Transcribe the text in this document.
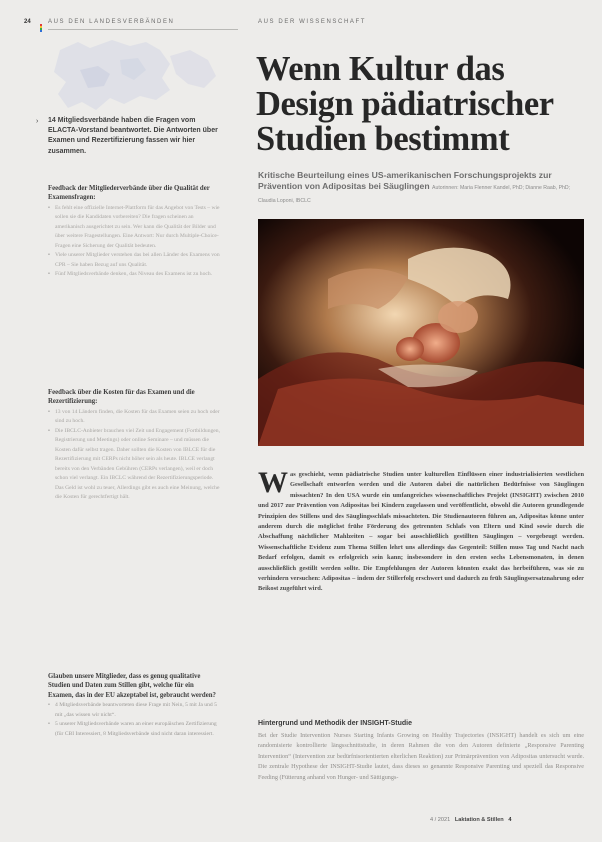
24	AUS DEN LANDESVERBÄNDEN	AUS DER WISSENSCHAFT
› 14 Mitgliedsverbände haben die Fragen vom ELACTA-Vorstand beantwortet. Die Antworten über Examen und Rezertifizierung fassen wir hier zusammen.
Feedback der Mitgliederverbände über die Qualität der Examensfragen:
• Es fehlt eine offizielle Internet-Plattform für das Angebot von Tests – wie sollen sie die Kandidaten vorbereiten? Die fragen scheinen an amerikanisch ausgerichtet zu sein. Wer kann die Qualität der Bilder und über weitere Fragestellungen. Eine Antwort: Nur durch Multiple-Choice-Fragen eine Sicherung der Qualität bedeuten.
• Viele unserer Mitglieder verstehen das bei allen Länder des Examens von CPR – Sie haben Bezug auf uns Qualität.
• Fünf Mitgliedsverbände denken, das Niveau des Examens ist zu hoch.
Feedback über die Kosten für das Examen und die Rezertifizierung:
• 13 von 14 Ländern finden, die Kosten für das Examen seien zu hoch oder sind zu hoch.
• Die IBCLC-Anbieter brauchen viel Zeit und Engagement (Fortbildungen, Registrierung und Meetings) oder online Seminare – und müssen die Kosten dafür selbst tragen. Daher sollten die Kosten von IBLCE für die Rezertifizierung mit CERPs nicht höher sein als heute. IBLCE verlangt bereits von den Verbänden Gebühren (CERPs verlangen), weil er doch schon viel verlangt. Ein IBCLC während der Rezertifizierungsperiode. Das Geld ist wohl zu teuer, Allerdings gibt es auch eine Meinung, welche die Kosten für gerechtfertigt hält.
Glauben unsere Mitglieder, dass es genug qualitative Studien und Daten zum Stillen gibt, welche für ein Examen, das in der EU akzeptabel ist, gebraucht werden?
• 4 Mitgliedsverbände beantworteten diese Frage mit Nein, 5 mit Ja und 5 mit „das wissen wir nicht“.
• 5 unserer Mitgliedsverbände waren an einer europäischen Zertifizierung (für CBI Interessiert, 8 Mitgliedsverbände sind nicht daran interessiert.
Wenn Kultur das Design pädiatrischer Studien bestimmt
Kritische Beurteilung eines US-amerikanischen Forschungsprojekts zur Prävention von Adipositas bei Säuglingen Autorinnen: Maria Flenner Kandel, PhD; Dianne Raab, PhD; Claudia Loponi, IBCLC
Was geschieht, wenn pädiatrische Studien unter kulturellen Einflüssen einer industrialisierten westlichen Gesellschaft entworfen werden und die Autoren dabei die natürlichen Bedürfnisse von Säuglingen missachten? In den USA wurde ein umfangreiches wissenschaftliches Projekt (INSIGHT) zwischen 2010 und 2017 zur Prävention von Adipositas bei Kindern zugelassen und veröffentlicht, obwohl die Autoren grundlegende Prinzipien des Stillens und des Säuglingsschlafs missachteten. Die Studienautoren führen an, Adipositas könne unter anderem durch die möglichst frühe Förderung des getrennten Schlafs von Eltern und Kind sowie durch die Abschaffung nächtlicher Mahlzeiten – sogar bei ausschließlich gestillten Säuglingen – vorgebeugt werden. Wissenschaftliche Evidenz zum Thema Stillen lehrt uns allerdings das Gegenteil: Stillen muss Tag und Nacht nach Bedarf erfolgen, damit es erfolgreich sein kann; insbesondere in den ersten sechs Lebensmonaten, in denen ausschließlich gestillt werden sollte. Die Empfehlungen der Autoren könnten exakt das herbeiführen, was sie zu verhindern versuchen: Adipositas – indem der Stillerfolg erschwert und dadurch zu früh Säuglingsersatznahrung oder Beikost zugeführt wird.
Hintergrund und Methodik der INSIGHT-Studie
Bei der Studie Intervention Nurses Starting Infants Growing on Healthy Trajectories (INSIGHT) handelt es sich um eine randomisierte kontrollierte längsschnittstudie, in deren Rahmen die von den Autoren definierte „Responsive Parenting Intervention“ (Intervention zur bedürfnisorientierten elterlichen Reaktion) zur Primärprävention von Adipositas untersucht wurde. Die zentrale Hypothese der INSIGHT-Studie lautet, dass dieses so genannte Responsive Parenting und speziell das Responsive Feeding (Fütterung anhand von Hunger- und Sättigungs-
4 / 2021 Laktation & Stillen 4
